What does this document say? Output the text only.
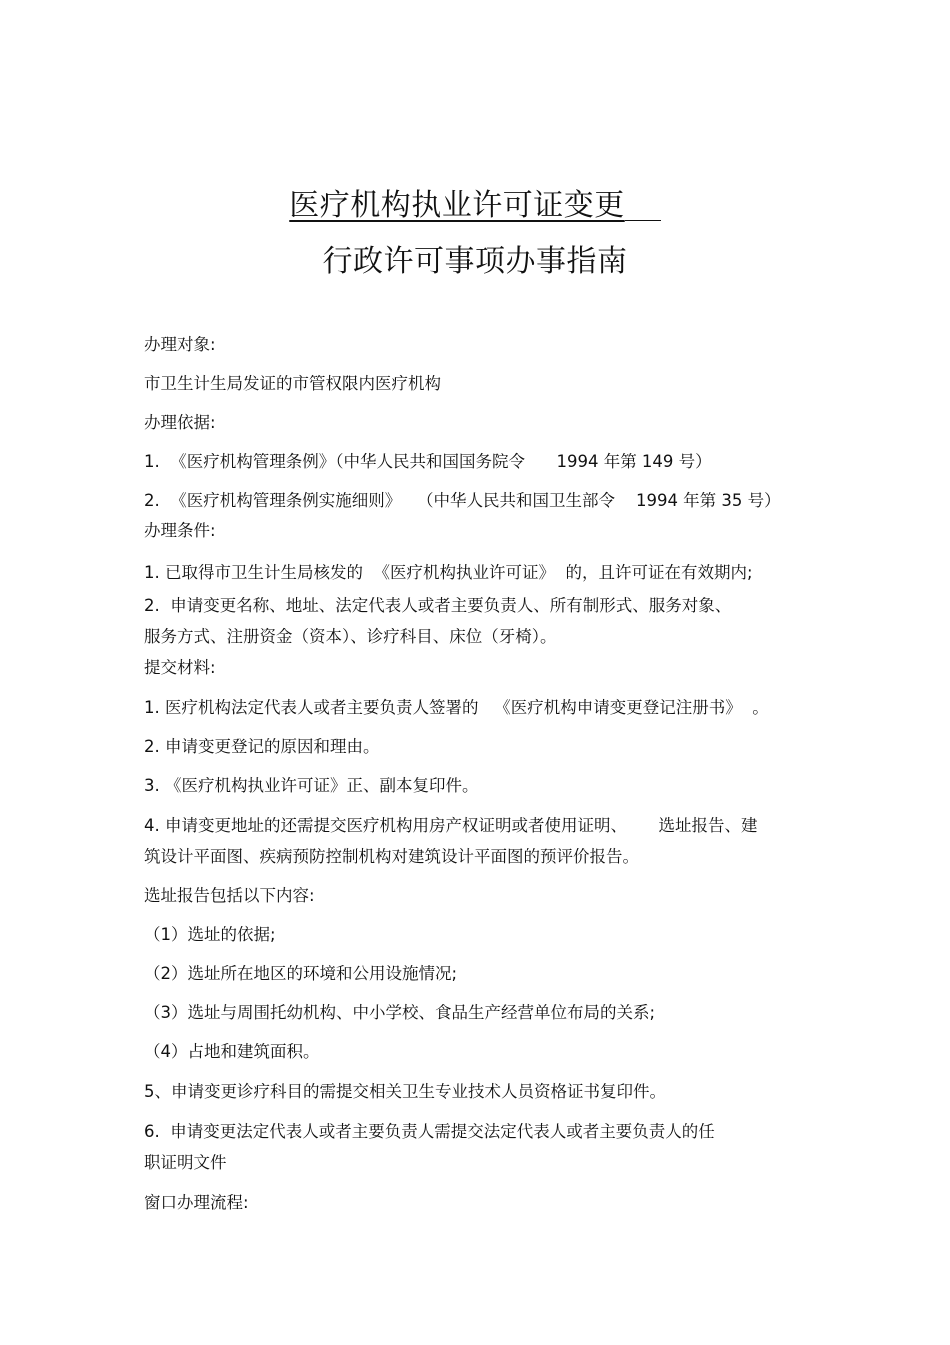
医疗机构执业许可证变更
行政许可事项办事指南
办理对象:
市卫生计生局发证的市管权限内医疗机构
办理依据:
1.  《医疗机构管理条例》（中华人民共和国国务院令      1994 年第 149 号）
2.  《医疗机构管理条例实施细则》   （中华人民共和国卫生部令    1994 年第 35 号）
办理条件:
1. 已取得市卫生计生局核发的  《医疗机构执业许可证》  的，且许可证在有效期内;
2.  申请变更名称、地址、法定代表人或者主要负责人、所有制形式、服务对象、
服务方式、注册资金（资本）、诊疗科目、床位（牙椅）。
提交材料:
1. 医疗机构法定代表人或者主要负责人签署的   《医疗机构申请变更登记注册书》  。
2. 申请变更登记的原因和理由。
3. 《医疗机构执业许可证》正、副本复印件。
4. 申请变更地址的还需提交医疗机构用房产权证明或者使用证明、      选址报告、建
筑设计平面图、疾病预防控制机构对建筑设计平面图的预评价报告。
选址报告包括以下内容:
（1）选址的依据;
（2）选址所在地区的环境和公用设施情况;
（3）选址与周围托幼机构、中小学校、食品生产经营单位布局的关系;
（4）占地和建筑面积。
5、申请变更诊疗科目的需提交相关卫生专业技术人员资格证书复印件。
6.  申请变更法定代表人或者主要负责人需提交法定代表人或者主要负责人的任
职证明文件
窗口办理流程:
